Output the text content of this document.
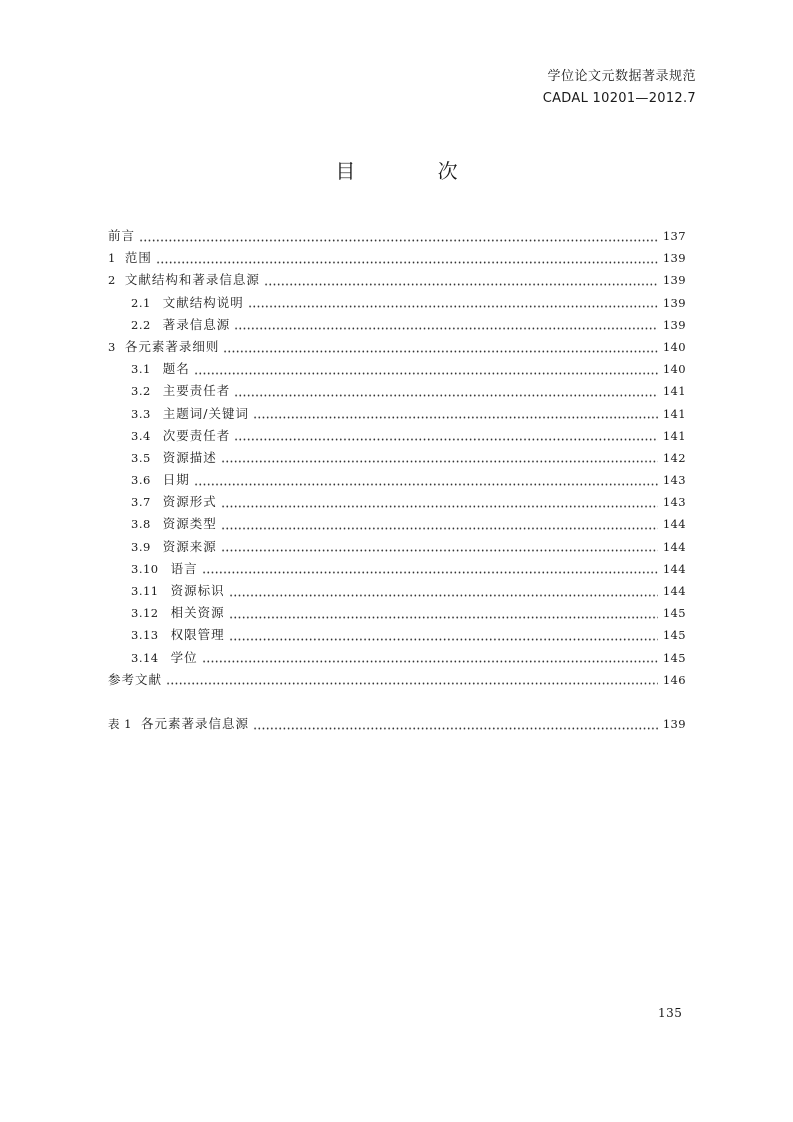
学位论文元数据著录规范
CADAL 10201—2012.7
目 次
前言	137
1 范围	139
2 文献结构和著录信息源	139
2.1 文献结构说明	139
2.2 著录信息源	139
3 各元素著录细则	140
3.1 题名	140
3.2 主要责任者	141
3.3 主题词/关键词	141
3.4 次要责任者	141
3.5 资源描述	142
3.6 日期	143
3.7 资源形式	143
3.8 资源类型	144
3.9 资源来源	144
3.10 语言	144
3.11 资源标识	144
3.12 相关资源	145
3.13 权限管理	145
3.14 学位	145
参考文献	146
表 1 各元素著录信息源	139
135
